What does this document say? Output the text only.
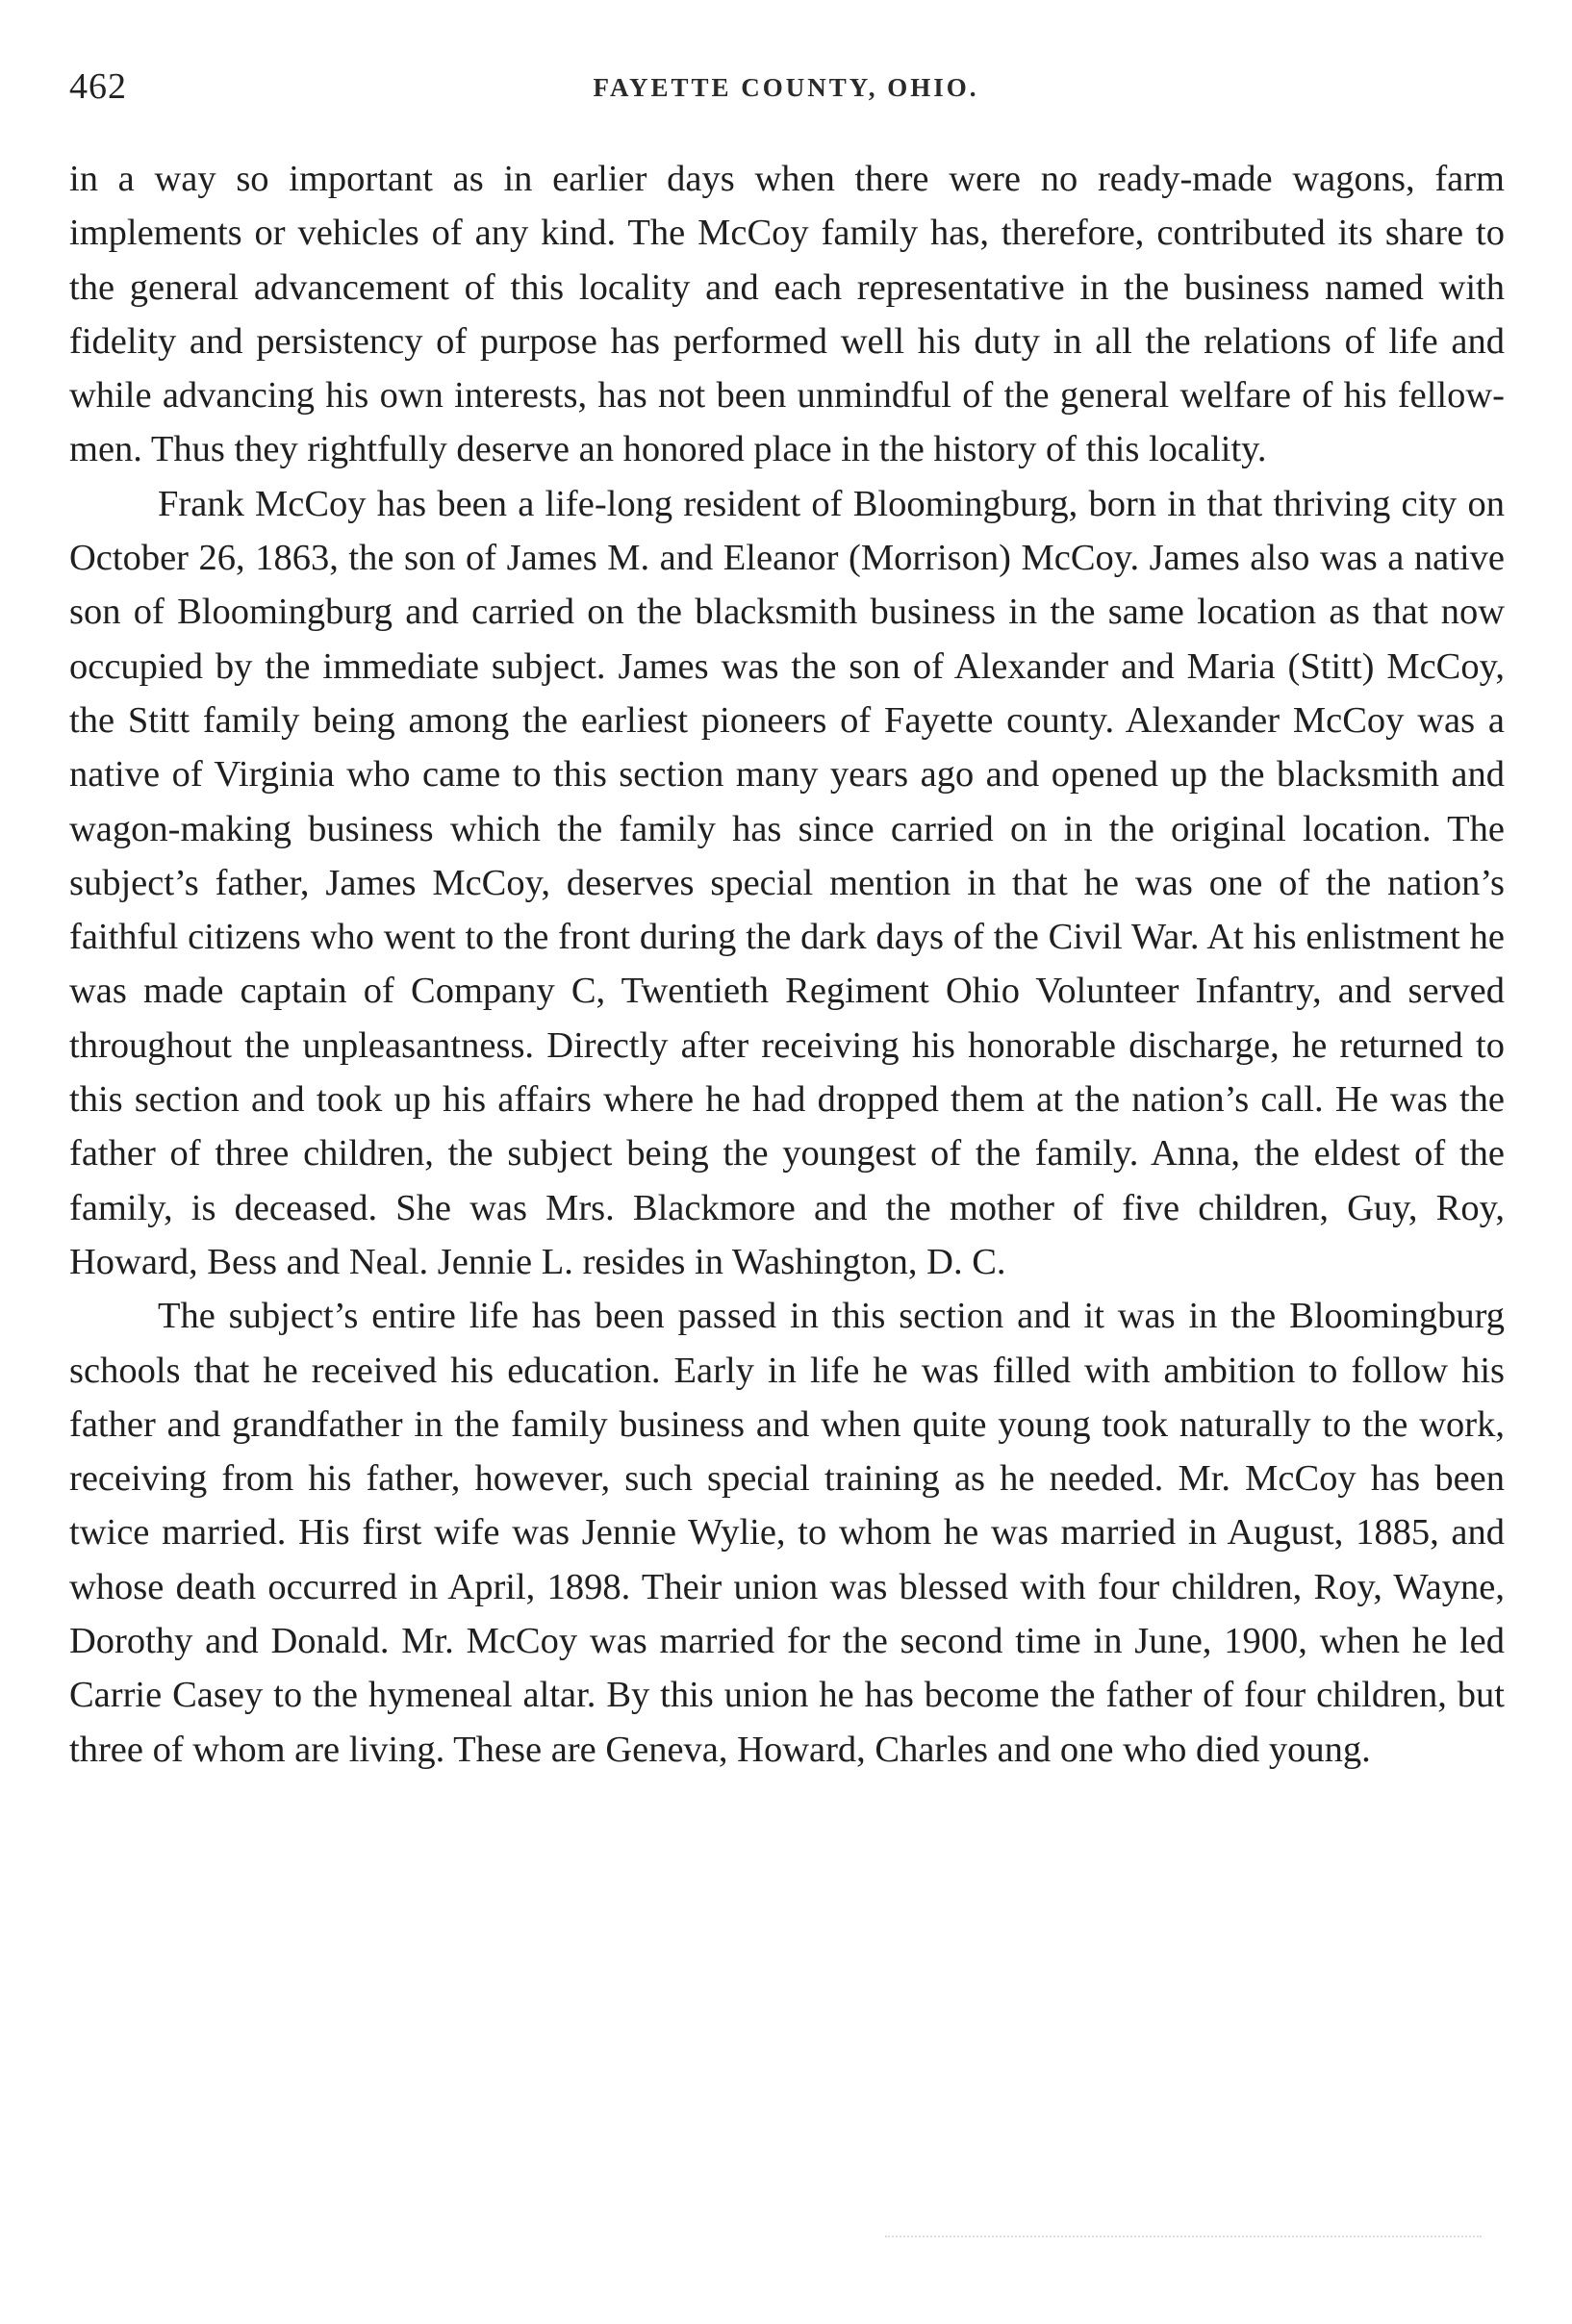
462	FAYETTE COUNTY, OHIO.

in a way so important as in earlier days when there were no ready-made wagons, farm implements or vehicles of any kind. The McCoy family has, therefore, contributed its share to the general advancement of this locality and each representative in the business named with fidelity and persistency of purpose has performed well his duty in all the relations of life and while advancing his own interests, has not been unmindful of the general welfare of his fellow-men. Thus they rightfully deserve an honored place in the history of this locality.

Frank McCoy has been a life-long resident of Bloomingburg, born in that thriving city on October 26, 1863, the son of James M. and Eleanor (Morrison) McCoy. James also was a native son of Bloomingburg and carried on the blacksmith business in the same location as that now occupied by the immediate subject. James was the son of Alexander and Maria (Stitt) McCoy, the Stitt family being among the earliest pioneers of Fayette county. Alexander McCoy was a native of Virginia who came to this section many years ago and opened up the blacksmith and wagon-making business which the family has since carried on in the original location. The subject’s father, James McCoy, deserves special mention in that he was one of the nation’s faithful citizens who went to the front during the dark days of the Civil War. At his enlistment he was made captain of Company C, Twentieth Regiment Ohio Volunteer Infantry, and served throughout the unpleasantness. Directly after receiving his honorable discharge, he returned to this section and took up his affairs where he had dropped them at the nation’s call. He was the father of three children, the subject being the youngest of the family. Anna, the eldest of the family, is deceased. She was Mrs. Blackmore and the mother of five children, Guy, Roy, Howard, Bess and Neal. Jennie L. resides in Washington, D. C.

The subject’s entire life has been passed in this section and it was in the Bloomingburg schools that he received his education. Early in life he was filled with ambition to follow his father and grandfather in the family business and when quite young took naturally to the work, receiving from his father, however, such special training as he needed. Mr. McCoy has been twice married. His first wife was Jennie Wylie, to whom he was married in August, 1885, and whose death occurred in April, 1898. Their union was blessed with four children, Roy, Wayne, Dorothy and Donald. Mr. McCoy was married for the second time in June, 1900, when he led Carrie Casey to the hymeneal altar. By this union he has become the father of four children, but three of whom are living. These are Geneva, Howard, Charles and one who died young.
